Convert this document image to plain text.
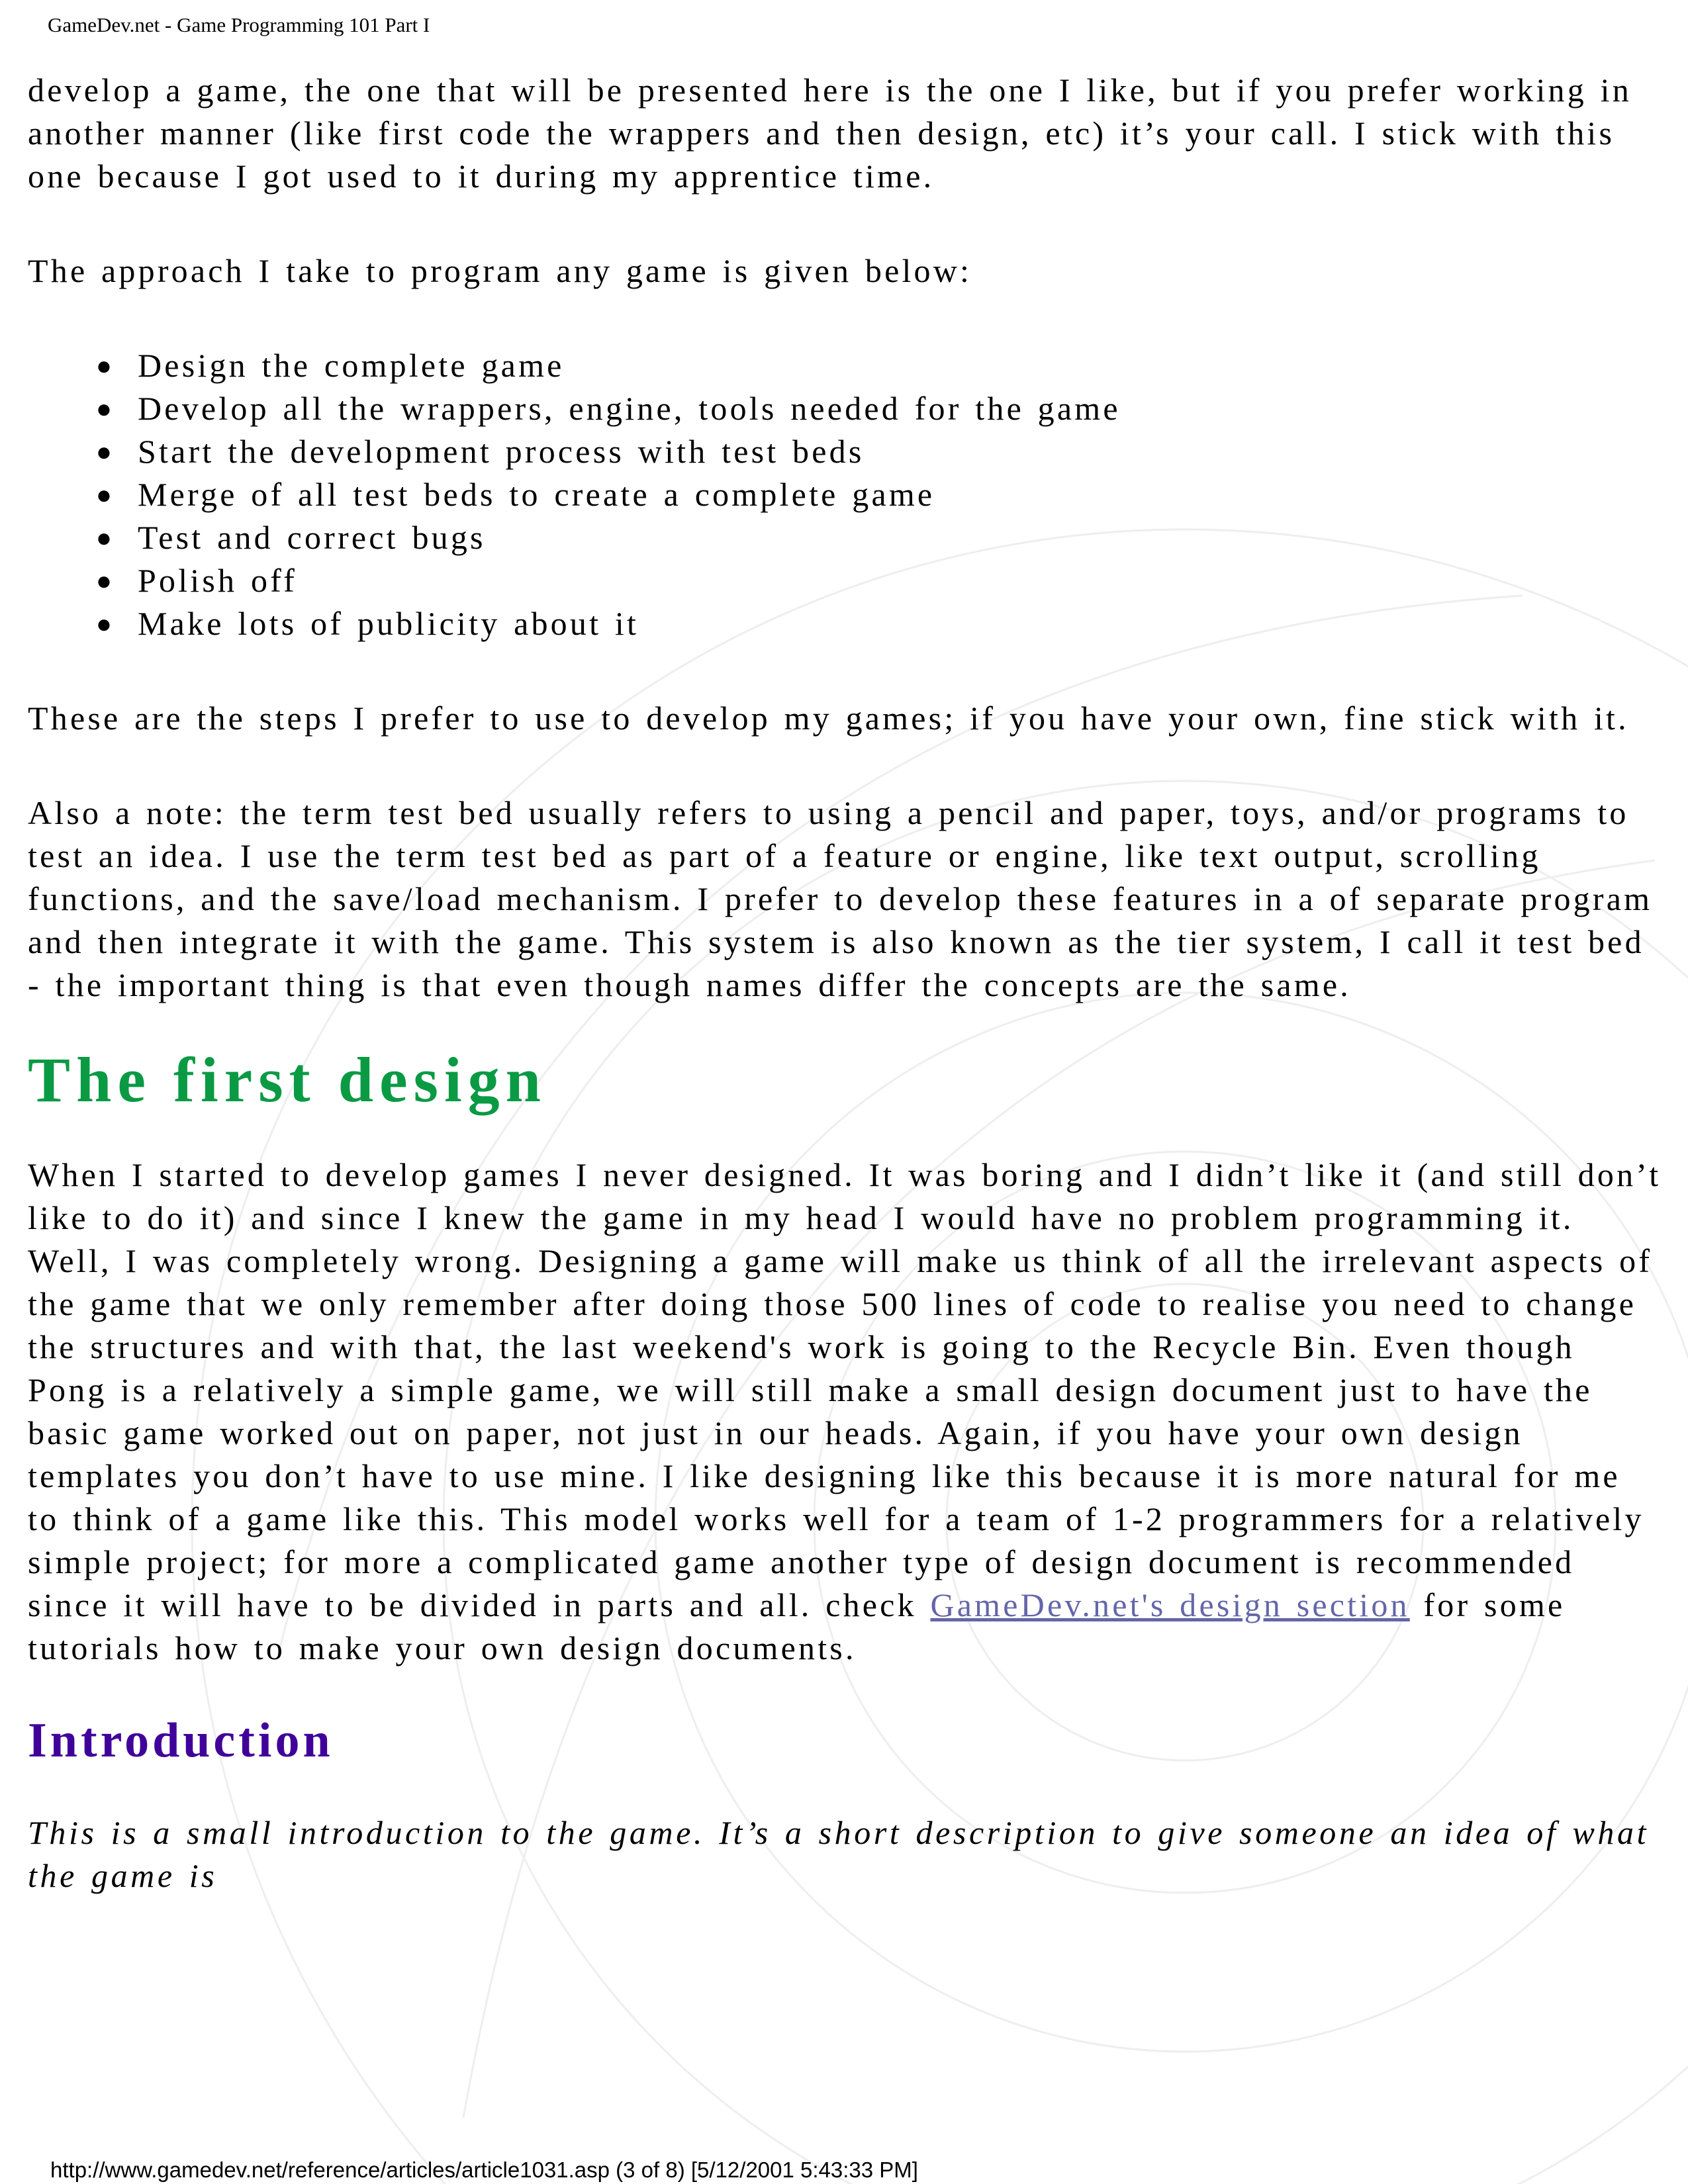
GameDev.net - Game Programming 101 Part I

develop a game, the one that will be presented here is the one I like, but if you prefer working in another manner (like first code the wrappers and then design, etc) it’s your call. I stick with this one because I got used to it during my apprentice time.

The approach I take to program any game is given below:

● Design the complete game
● Develop all the wrappers, engine, tools needed for the game
● Start the development process with test beds
● Merge of all test beds to create a complete game
● Test and correct bugs
● Polish off
● Make lots of publicity about it

These are the steps I prefer to use to develop my games; if you have your own, fine stick with it.

Also a note: the term test bed usually refers to using a pencil and paper, toys, and/or programs to test an idea. I use the term test bed as part of a feature or engine, like text output, scrolling functions, and the save/load mechanism. I prefer to develop these features in a of separate program and then integrate it with the game. This system is also known as the tier system, I call it test bed - the important thing is that even though names differ the concepts are the same.

The first design

When I started to develop games I never designed. It was boring and I didn’t like it (and still don’t like to do it) and since I knew the game in my head I would have no problem programming it. Well, I was completely wrong. Designing a game will make us think of all the irrelevant aspects of the game that we only remember after doing those 500 lines of code to realise you need to change the structures and with that, the last weekend's work is going to the Recycle Bin. Even though Pong is a relatively a simple game, we will still make a small design document just to have the basic game worked out on paper, not just in our heads. Again, if you have your own design templates you don’t have to use mine. I like designing like this because it is more natural for me to think of a game like this. This model works well for a team of 1-2 programmers for a relatively simple project; for more a complicated game another type of design document is recommended since it will have to be divided in parts and all. check GameDev.net's design section for some tutorials how to make your own design documents.

Introduction

This is a small introduction to the game. It’s a short description to give someone an idea of what the game is

http://www.gamedev.net/reference/articles/article1031.asp (3 of 8) [5/12/2001 5:43:33 PM]
